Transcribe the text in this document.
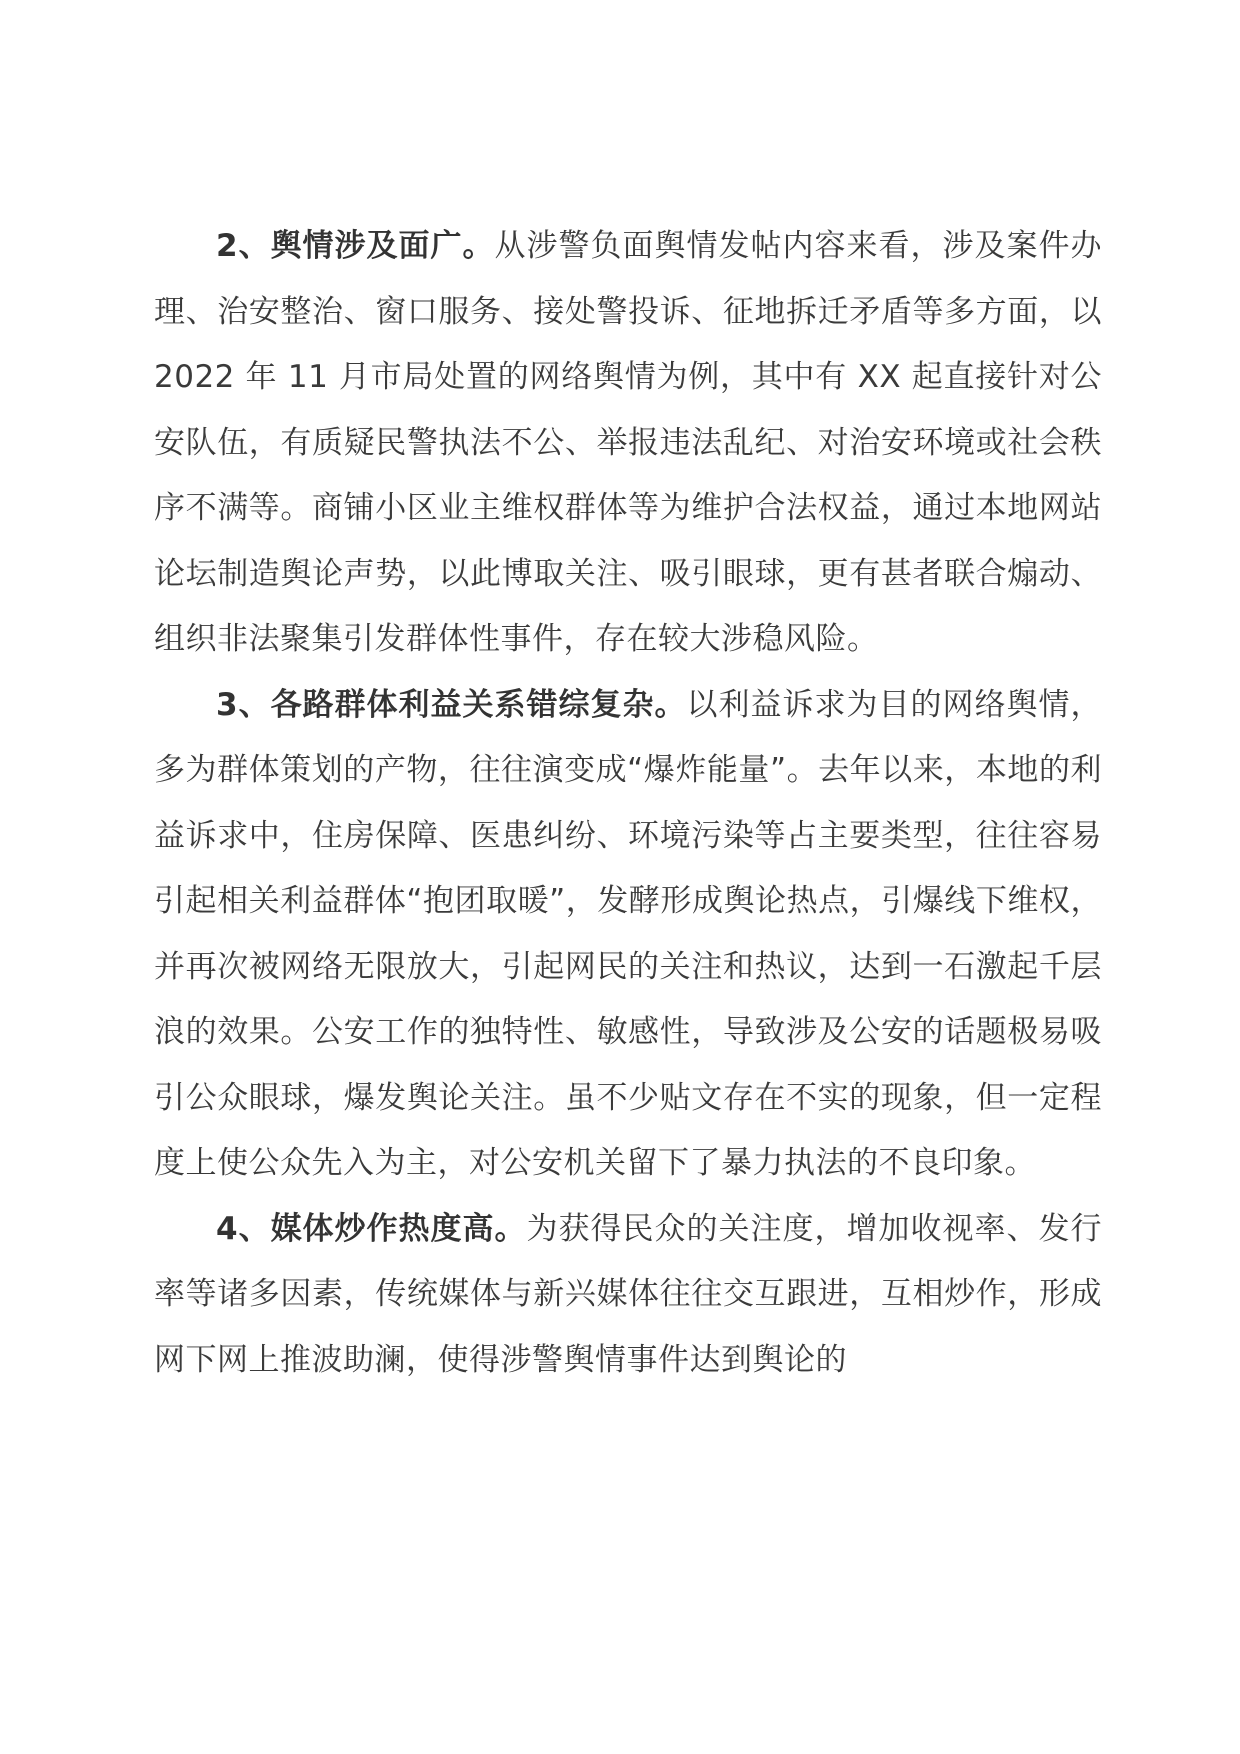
2、舆情涉及面广。从涉警负面舆情发帖内容来看，涉及案件办理、治安整治、窗口服务、接处警投诉、征地拆迁矛盾等多方面，以 2022 年 11 月市局处置的网络舆情为例，其中有 XX 起直接针对公安队伍，有质疑民警执法不公、举报违法乱纪、对治安环境或社会秩序不满等。商铺小区业主维权群体等为维护合法权益，通过本地网站论坛制造舆论声势，以此博取关注、吸引眼球，更有甚者联合煽动、组织非法聚集引发群体性事件，存在较大涉稳风险。

3、各路群体利益关系错综复杂。以利益诉求为目的网络舆情，多为群体策划的产物，往往演变成“爆炸能量”。去年以来，本地的利益诉求中，住房保障、医患纠纷、环境污染等占主要类型，往往容易引起相关利益群体“抱团取暖”，发酵形成舆论热点，引爆线下维权，并再次被网络无限放大，引起网民的关注和热议，达到一石激起千层浪的效果。公安工作的独特性、敏感性，导致涉及公安的话题极易吸引公众眼球，爆发舆论关注。虽不少贴文存在不实的现象，但一定程度上使公众先入为主，对公安机关留下了暴力执法的不良印象。

4、媒体炒作热度高。为获得民众的关注度，增加收视率、发行率等诸多因素，传统媒体与新兴媒体往往交互跟进，互相炒作，形成网下网上推波助澜，使得涉警舆情事件达到舆论的
